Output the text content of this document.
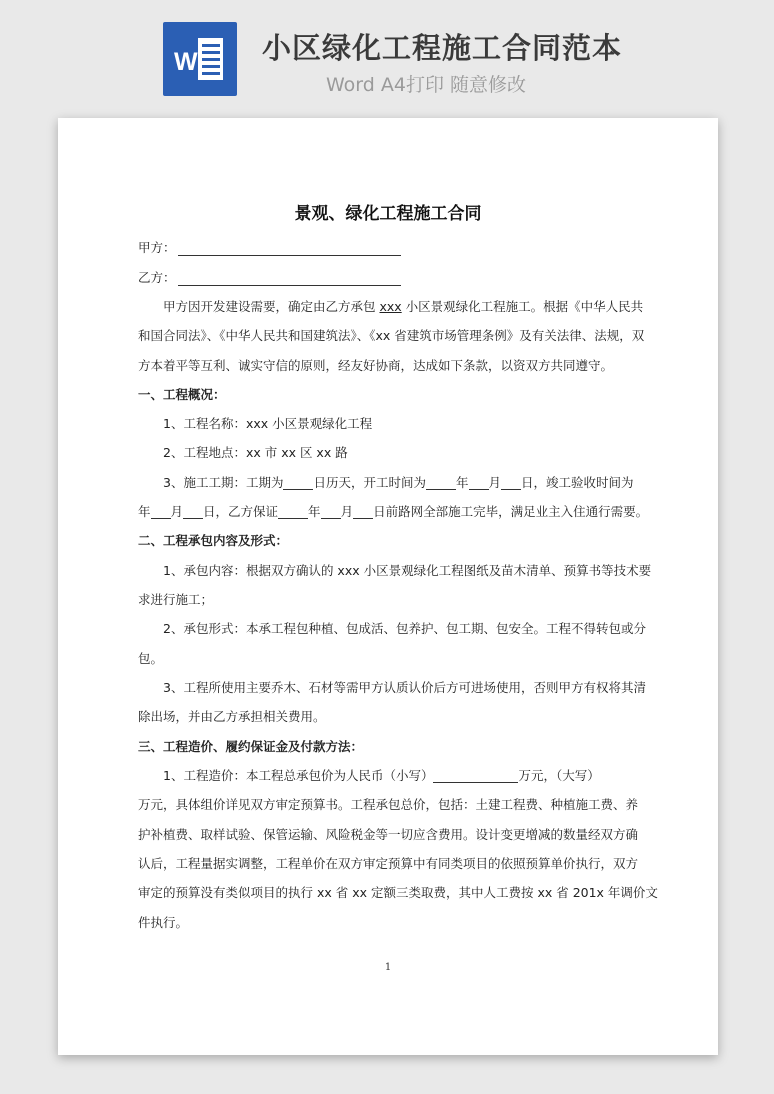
W 小区绿化工程施工合同范本
Word A4打印 随意修改
景观、绿化工程施工合同
甲方：
乙方：
甲方因开发建设需要，确定由乙方承包 xxx 小区景观绿化工程施工。根据《中华人民共
和国合同法》、《中华人民共和国建筑法》、《xx 省建筑市场管理条例》及有关法律、法规，双
方本着平等互利、诚实守信的原则，经友好协商，达成如下条款，以资双方共同遵守。
一、工程概况：
1、工程名称：xxx 小区景观绿化工程
2、工程地点：xx 市 xx 区 xx 路
3、施工工期：工期为 日历天，开工时间为 年 月 日，竣工验收时间为
年 月 日，乙方保证 年 月 日前路网全部施工完毕，满足业主入住通行需要。
二、工程承包内容及形式：
1、承包内容：根据双方确认的 xxx 小区景观绿化工程图纸及苗木清单、预算书等技术要
求进行施工；
2、承包形式：本承工程包种植、包成活、包养护、包工期、包安全。工程不得转包或分
包。
3、工程所使用主要乔木、石材等需甲方认质认价后方可进场使用，否则甲方有权将其清
除出场，并由乙方承担相关费用。
三、工程造价、履约保证金及付款方法：
1、工程造价：本工程总承包价为人民币（小写）	万元，（大写）
万元，具体组价详见双方审定预算书。工程承包总价，包括：土建工程费、种植施工费、养
护补植费、取样试验、保管运输、风险税金等一切应含费用。设计变更增减的数量经双方确
认后，工程量据实调整，工程单价在双方审定预算中有同类项目的依照预算单价执行，双方
审定的预算没有类似项目的执行 xx 省 xx 定额三类取费，其中人工费按 xx 省 201x 年调价文
件执行。
1
